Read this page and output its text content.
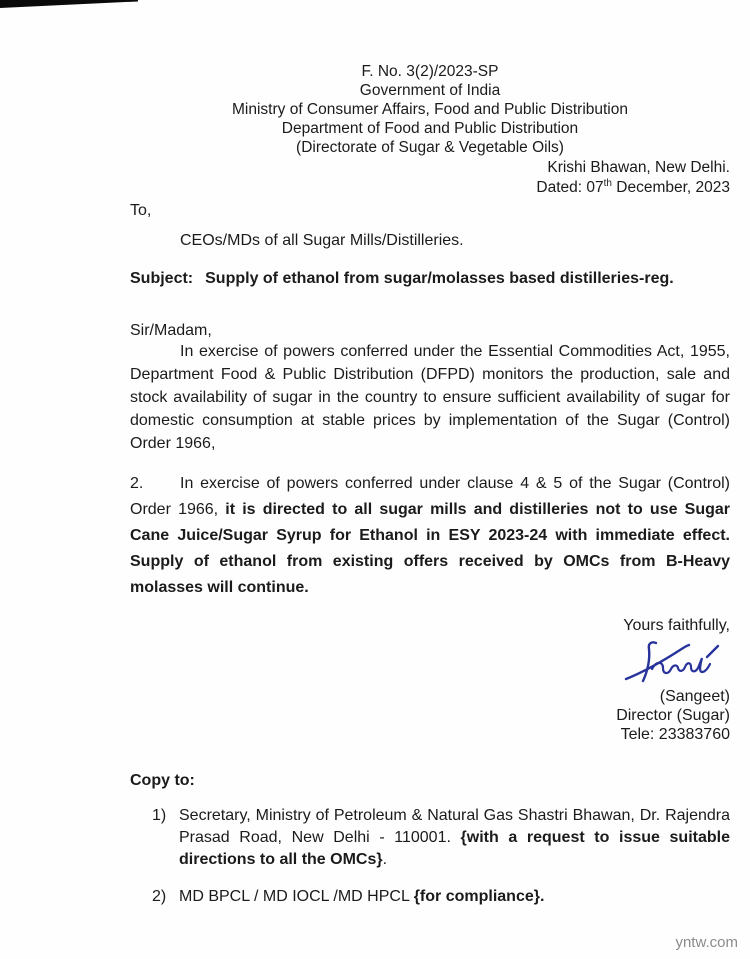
F. No. 3(2)/2023-SP
Government of India
Ministry of Consumer Affairs, Food and Public Distribution
Department of Food and Public Distribution
(Directorate of Sugar & Vegetable Oils)
Krishi Bhawan, New Delhi.
Dated: 07th December, 2023
To,
CEOs/MDs of all Sugar Mills/Distilleries.
Subject: Supply of ethanol from sugar/molasses based distilleries-reg.
Sir/Madam,

In exercise of powers conferred under the Essential Commodities Act, 1955, Department Food & Public Distribution (DFPD) monitors the production, sale and stock availability of sugar in the country to ensure sufficient availability of sugar for domestic consumption at stable prices by implementation of the Sugar (Control) Order 1966,

2. In exercise of powers conferred under clause 4 & 5 of the Sugar (Control) Order 1966, it is directed to all sugar mills and distilleries not to use Sugar Cane Juice/Sugar Syrup for Ethanol in ESY 2023-24 with immediate effect. Supply of ethanol from existing offers received by OMCs from B-Heavy molasses will continue.

Yours faithfully,
(Sangeet)
Director (Sugar)
Tele: 23383760
Copy to:
1) Secretary, Ministry of Petroleum & Natural Gas Shastri Bhawan, Dr. Rajendra Prasad Road, New Delhi - 110001. {with a request to issue suitable directions to all the OMCs}.
2) MD BPCL / MD IOCL /MD HPCL {for compliance}.
yntw.com
